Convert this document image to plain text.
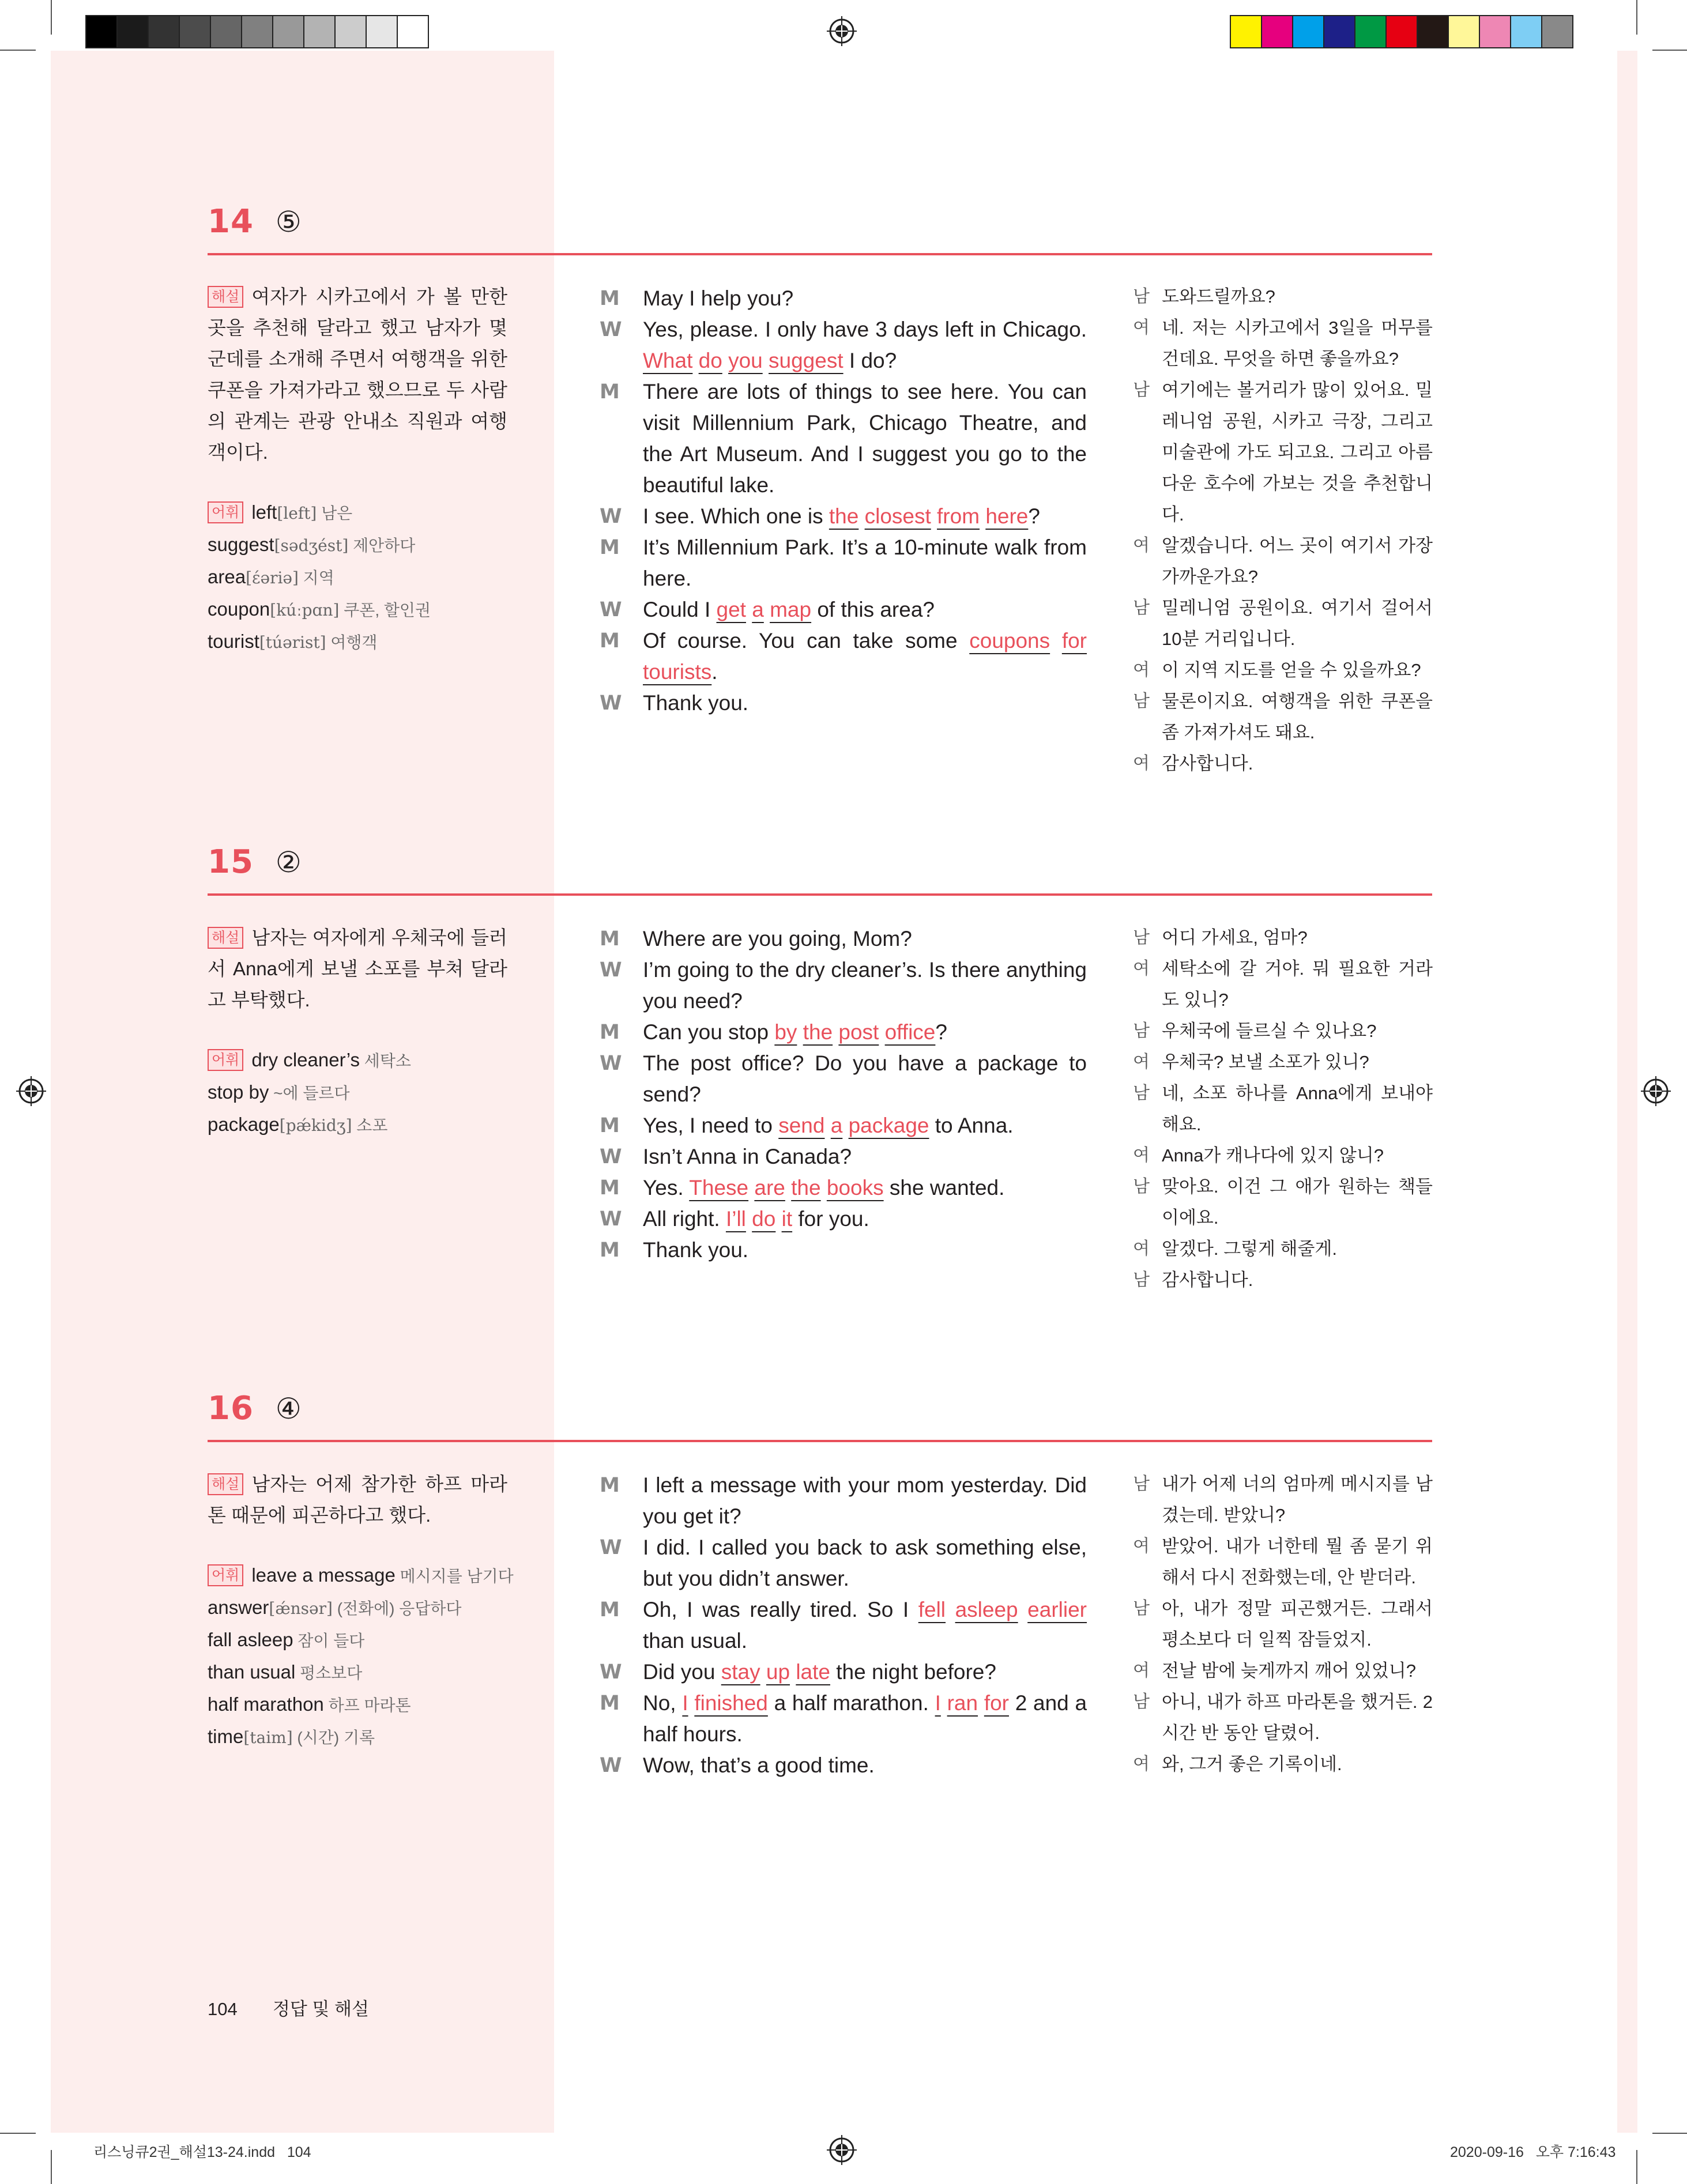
14 ⑤
해설 여자가 시카고에서 가 볼 만한 곳을 추천해 달라고 했고 남자가 몇 군데를 소개해 주면서 여행객을 위한 쿠폰을 가져가라고 했으므로 두 사람의 관계는 관광 안내소 직원과 여행객이다.
어휘 left[left] 남은
suggest[sədʒést] 제안하다
area[έəriə] 지역
coupon[kúːpɑn] 쿠폰, 할인권
tourist[túərist] 여행객
M May I help you?
W Yes, please. I only have 3 days left in Chicago. What do you suggest I do?
M There are lots of things to see here. You can visit Millennium Park, Chicago Theatre, and the Art Museum. And I suggest you go to the beautiful lake.
W I see. Which one is the closest from here?
M It’s Millennium Park. It’s a 10-minute walk from here.
W Could I get a map of this area?
M Of course. You can take some coupons for tourists.
W Thank you.
남 도와드릴까요?
여 네. 저는 시카고에서 3일을 머무를 건데요. 무엇을 하면 좋을까요?
남 여기에는 볼거리가 많이 있어요. 밀레니엄 공원, 시카고 극장, 그리고 미술관에 가도 되고요. 그리고 아름다운 호수에 가보는 것을 추천합니다.
여 알겠습니다. 어느 곳이 여기서 가장 가까운가요?
남 밀레니엄 공원이요. 여기서 걸어서 10분 거리입니다.
여 이 지역 지도를 얻을 수 있을까요?
남 물론이지요. 여행객을 위한 쿠폰을 좀 가져가셔도 돼요.
여 감사합니다.
15 ②
해설 남자는 여자에게 우체국에 들러서 Anna에게 보낼 소포를 부쳐 달라고 부탁했다.
어휘 dry cleaner’s 세탁소
stop by ~에 들르다
package[pǽkidʒ] 소포
M Where are you going, Mom?
W I’m going to the dry cleaner’s. Is there anything you need?
M Can you stop by the post office?
W The post office? Do you have a package to send?
M Yes, I need to send a package to Anna.
W Isn’t Anna in Canada?
M Yes. These are the books she wanted.
W All right. I’ll do it for you.
M Thank you.
남 어디 가세요, 엄마?
여 세탁소에 갈 거야. 뭐 필요한 거라도 있니?
남 우체국에 들르실 수 있나요?
여 우체국? 보낼 소포가 있니?
남 네, 소포 하나를 Anna에게 보내야 해요.
여 Anna가 캐나다에 있지 않니?
남 맞아요. 이건 그 애가 원하는 책들이에요.
여 알겠다. 그렇게 해줄게.
남 감사합니다.
16 ④
해설 남자는 어제 참가한 하프 마라톤 때문에 피곤하다고 했다.
어휘 leave a message 메시지를 남기다
answer[ǽnsər] (전화에) 응답하다
fall asleep 잠이 들다
than usual 평소보다
half marathon 하프 마라톤
time[taim] (시간) 기록
M I left a message with your mom yesterday. Did you get it?
W I did. I called you back to ask something else, but you didn’t answer.
M Oh, I was really tired. So I fell asleep earlier than usual.
W Did you stay up late the night before?
M No, I finished a half marathon. I ran for 2 and a half hours.
W Wow, that’s a good time.
남 내가 어제 너의 엄마께 메시지를 남겼는데. 받았니?
여 받았어. 내가 너한테 뭘 좀 묻기 위해서 다시 전화했는데, 안 받더라.
남 아, 내가 정말 피곤했거든. 그래서 평소보다 더 일찍 잠들었지.
여 전날 밤에 늦게까지 깨어 있었니?
남 아니, 내가 하프 마라톤을 했거든. 2시간 반 동안 달렸어.
여 와, 그거 좋은 기록이네.
104 정답 및 해설
리스닝큐2권_해설13-24.indd   104	2020-09-16   오후 7:16:43
